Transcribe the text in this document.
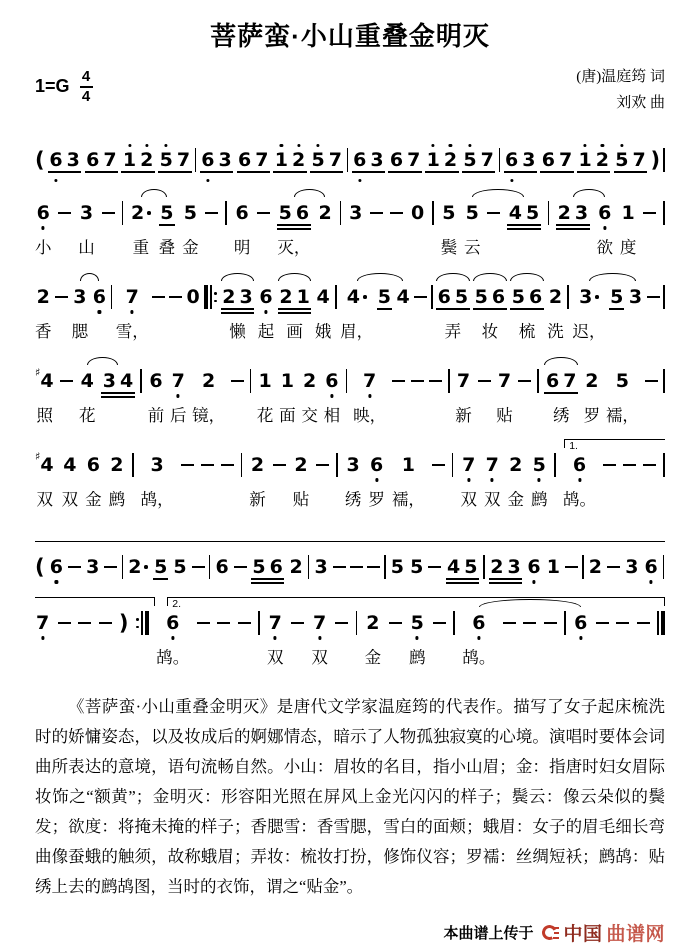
菩萨蛮·小山重叠金明灭
1=G 4
4
(唐)温庭筠 词
刘欢 曲
( 6 3 6 7 1 2 5 7 6 3 6 7 1 2 5 7 6 3 6 7 1 2 5 7 6 3 6 7 1 2 5 7 )
6
小
3
山
2
重
5
叠
5
金
6
明
5 6
灭，
2 3	0 5
鬓
5
云
4 5 2 3 6
欲
1
度
2
香
3
腮
6 7
雪，
0 2 3
懒
6
起
2 1
画
4
娥
4
眉，
5 4 6 5
弄
5 6
妆
5 6
梳
2
洗
3
迟，
5 3
♯ 4
照
4
花
3 4 6
前
7
后
2
镜，
1
花
1
面
2
交
6
相
7
映，
7
新
7
贴
6 7
绣
2
罗
5
襦，
1.
♯ 4
双
4
双
6
金
2
鹧
3
鸪，
2
新
2
贴
3
绣
6
罗
1
襦，
7
双
7
双
2
金
5
鹧
6
鸪。
( 6 3 2 5 5 6 5 6 2 3	5 5 4 5 2 3 6 1 2 3 6
2.
7	) 6
鸪。
7
双
7
双
2
金
5
鹧
6
鸪。
6

《菩萨蛮·小山重叠金明灭》是唐代文学家温庭筠的代表作。描写了女子起床梳洗时的娇慵姿态，以及妆成后的婀娜情态，暗示了人物孤独寂寞的心境。演唱时要体会词曲所表达的意境，语句流畅自然。小山：眉妆的名目，指小山眉；金：指唐时妇女眉际妆饰之“额黄”；金明灭：形容阳光照在屏风上金光闪闪的样子；鬓云：像云朵似的鬓发；欲度：将掩未掩的样子；香腮雪：香雪腮，雪白的面颊；蛾眉：女子的眉毛细长弯曲像蚕蛾的触须，故称蛾眉；弄妆：梳妆打扮，修饰仪容；罗襦：丝绸短袄；鹧鸪：贴绣上去的鹧鸪图，当时的衣饰，谓之“贴金”。

本曲谱上传于 中国 曲谱网
